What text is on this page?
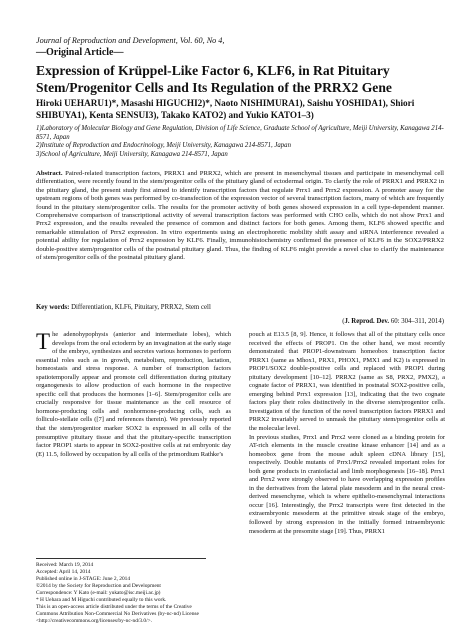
Journal of Reproduction and Development, Vol. 60, No 4,
—Original Article—
Expression of Krüppel-Like Factor 6, KLF6, in Rat Pituitary Stem/Progenitor Cells and Its Regulation of the PRRX2 Gene
Hiroki UEHARU1)*, Masashi HIGUCHI2)*, Naoto NISHIMURA1), Saishu YOSHIDA1), Shiori SHIBUYA1), Kenta SENSUI3), Takako KATO2) and Yukio KATO1–3)
1)Laboratory of Molecular Biology and Gene Regulation, Division of Life Science, Graduate School of Agriculture, Meiji University, Kanagawa 214-8571, Japan
2)Institute of Reproduction and Endocrinology, Meiji University, Kanagawa 214-8571, Japan
3)School of Agriculture, Meiji University, Kanagawa 214-8571, Japan
Abstract. Paired-related transcription factors, PRRX1 and PRRX2, which are present in mesenchymal tissues and participate in mesenchymal cell differentiation, were recently found in the stem/progenitor cells of the pituitary gland of ectodermal origin. To clarify the role of PRRX1 and PRRX2 in the pituitary gland, the present study first aimed to identify transcription factors that regulate Prrx1 and Prrx2 expression. A promoter assay for the upstream regions of both genes was performed by co-transfection of the expression vector of several transcription factors, many of which are frequently found in the pituitary stem/progenitor cells. The results for the promoter activity of both genes showed expression in a cell type-dependent manner. Comprehensive comparison of transcriptional activity of several transcription factors was performed with CHO cells, which do not show Prrx1 and Prrx2 expression, and the results revealed the presence of common and distinct factors for both genes. Among them, KLF6 showed specific and remarkable stimulation of Prrx2 expression. In vitro experiments using an electrophoretic mobility shift assay and siRNA interference revealed a potential ability for regulation of Prrx2 expression by KLF6. Finally, immunohistochemistry confirmed the presence of KLF6 in the SOX2/PRRX2 double-positive stem/progenitor cells of the postnatal pituitary gland. Thus, the finding of KLF6 might provide a novel clue to clarify the maintenance of stem/progenitor cells of the postnatal pituitary gland.
Key words: Differentiation, KLF6, Pituitary, PRRX2, Stem cell
(J. Reprod. Dev. 60: 304–311, 2014)

The adenohypophysis (anterior and intermediate lobes), which develops from the oral ectoderm by an invagination at the early stage of the embryo, synthesizes and secretes various hormones to perform essential roles such as in growth, metabolism, reproduction, lactation, homeostasis and stress response. A number of transcription factors spatiotemporally appear and promote cell differentiation during pituitary organogenesis to allow production of each hormone in the respective specific cell that produces the hormones [1–6]. Stem/progenitor cells are crucially responsive for tissue maintenance as the cell resource of hormone-producing cells and nonhormone-producing cells, such as folliculo-stellate cells ([7] and references therein). We previously reported that the stem/progenitor marker SOX2 is expressed in all cells of the presumptive pituitary tissue and that the pituitary-specific transcription factor PROP1 starts to appear in SOX2-positive cells at rat embryonic day (E) 11.5, followed by occupation by all cells of the primordium Rathke’s

pouch at E13.5 [8, 9]. Hence, it follows that all of the pituitary cells once received the effects of PROP1. On the other hand, we most recently demonstrated that PROP1-downstream homeobox transcription factor PRRX1 (same as Mhox1, PRX1, PHOX1, PMX1 and K2) is expressed in PROP1/SOX2 double-positive cells and replaced with PROP1 during pituitary development [10–12]. PRRX2 (same as S8, PRX2, PMX2), a cognate factor of PRRX1, was identified in postnatal SOX2-positive cells, emerging behind Prrx1 expression [13], indicating that the two cognate factors play their roles distinctively in the diverse stem/progenitor cells. Investigation of the function of the novel transcription factors PRRX1 and PRRX2 invariably served to unmask the pituitary stem/progenitor cells at the molecular level.
In previous studies, Prrx1 and Prrx2 were cloned as a binding protein for AT-rich elements in the muscle creatine kinase enhancer [14] and as a homeobox gene from the mouse adult spleen cDNA library [15], respectively. Double mutants of Prrx1/Prrx2 revealed important roles for both gene products in craniofacial and limb morphogenesis [16–18]. Prrx1 and Prrx2 were strongly observed to have overlapping expression profiles in the derivatives from the lateral plate mesoderm and in the neural crest-derived mesenchyme, which is where epithelio-mesenchymal interactions occur [16]. Interestingly, the Prrx2 transcripts were first detected in the extraembryonic mesoderm at the primitive streak stage of the embryo, followed by strong expression in the initially formed intraembryonic mesoderm at the presomite stage [19]. Thus, PRRX1

Received: March 19, 2014
Accepted: April 14, 2014
Published online in J-STAGE: June 2, 2014
©2014 by the Society for Reproduction and Development
Correspondence: Y Kato (e-mail: yukato@isc.meiji.ac.jp)
* H Uehara and M Higuchi contributed equally to this work.
This is an open-access article distributed under the terms of the Creative
Commons Attribution Non-Commercial No Derivatives (by-nc-nd) License
<http://creativecommons.org/licenses/by-nc-nd/3.0/>.
